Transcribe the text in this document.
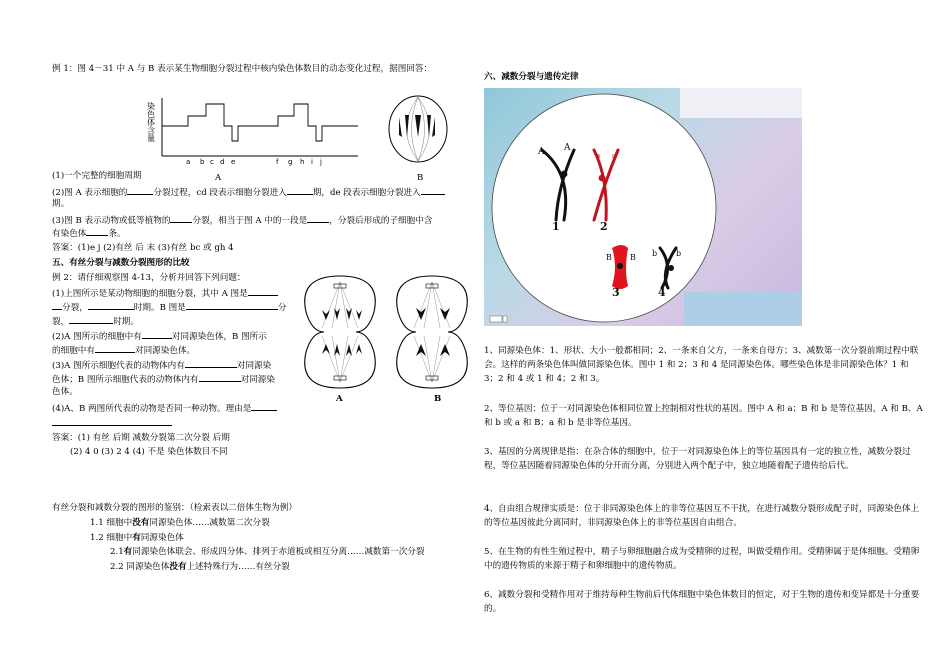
例 1：图 4－31 中 A 与 B 表示某生物细胞分裂过程中核内染色体数目的动态变化过程，据图回答：
染色体含量
a b c d e	f g h i j
A	B
(1)一个完整的细胞周期
(2)图 A 表示细胞的	分裂过程，cd 段表示细胞分裂进入	期，de 段表示细胞分裂进入
期。
(3)图 B 表示动物或低等植物的	分裂，相当于图 A 中的一段是	，分裂后形成的子细胞中含
有染色体	条。
答案：(1)e j (2)有丝 后 末 (3)有丝 bc 或 gh 4
五、有丝分裂与减数分裂图形的比较
例 2：请仔细观察图 4-13，分析并回答下列问题：
(1)上图所示是某动物细胞的细胞分裂，其中 A 图是
分裂，	时期。B 图是	分
裂，	时期。
(2)A 图所示的细胞中有	对同源染色体，B 图所示
的细胞中有	对同源染色体。
(3)A 图所示细胞代表的动物体内有	对同源染
色体；B 图所示细胞代表的动物体内有	对同源染
色体。
(4)A、B 两图所代表的动物是否同一种动物。理由是
A	B
答案：(1) 有丝 后期 减数分裂第二次分裂 后期
(2) 4 0 (3) 2 4 (4) 不是 染色体数目不同
有丝分裂和减数分裂的图形的鉴别：（检索表以二倍体生物为例）
1.1 细胞中没有同源染色体……减数第二次分裂
1.2 细胞中有同源染色体
2.1有同源染色体联会、形成四分体、排列于赤道板或相互分离……减数第一次分裂
2.2 同源染色体没有上述特殊行为……有丝分裂
六、减数分裂与遗传定律
A A
a a
1	2
B B b b
3	4
1、同源染色体：1、形状、大小一般都相同；2、一条来自父方，一条来自母方；3、减数第一次分裂前期过程中联会。这样的两条染色体叫做同源染色体。图中 1 和 2；3 和 4 是同源染色体。哪些染色体是非同源染色体？1 和 3；2 和 4 或 1 和 4；2 和 3。
2、等位基因：位于一对同源染色体相同位置上控制相对性状的基因。图中 A 和 a；B 和 b 是等位基因，A 和 B、A 和 b 或 a 和 B；a 和 b 是非等位基因。
3、基因的分离规律是指：在杂合体的细胞中，位于一对同源染色体上的等位基因具有一定的独立性，减数分裂过程，等位基因随着同源染色体的分开而分离，分别进入两个配子中，独立地随着配子遗传给后代。
4、自由组合规律实质是：位于非同源染色体上的非等位基因互不干扰，在进行减数分裂形成配子时，同源染色体上的等位基因彼此分离同时，非同源染色体上的非等位基因自由组合。
5、在生物的有性生殖过程中，精子与卵细胞融合成为受精卵的过程，叫做受精作用。受精卵属于是体细胞。受精卵中的遗传物质的来源于精子和卵细胞中的遗传物质。
6、减数分裂和受精作用对于维持每种生物前后代体细胞中染色体数目的恒定，对于生物的遗传和变异都是十分重要的。
